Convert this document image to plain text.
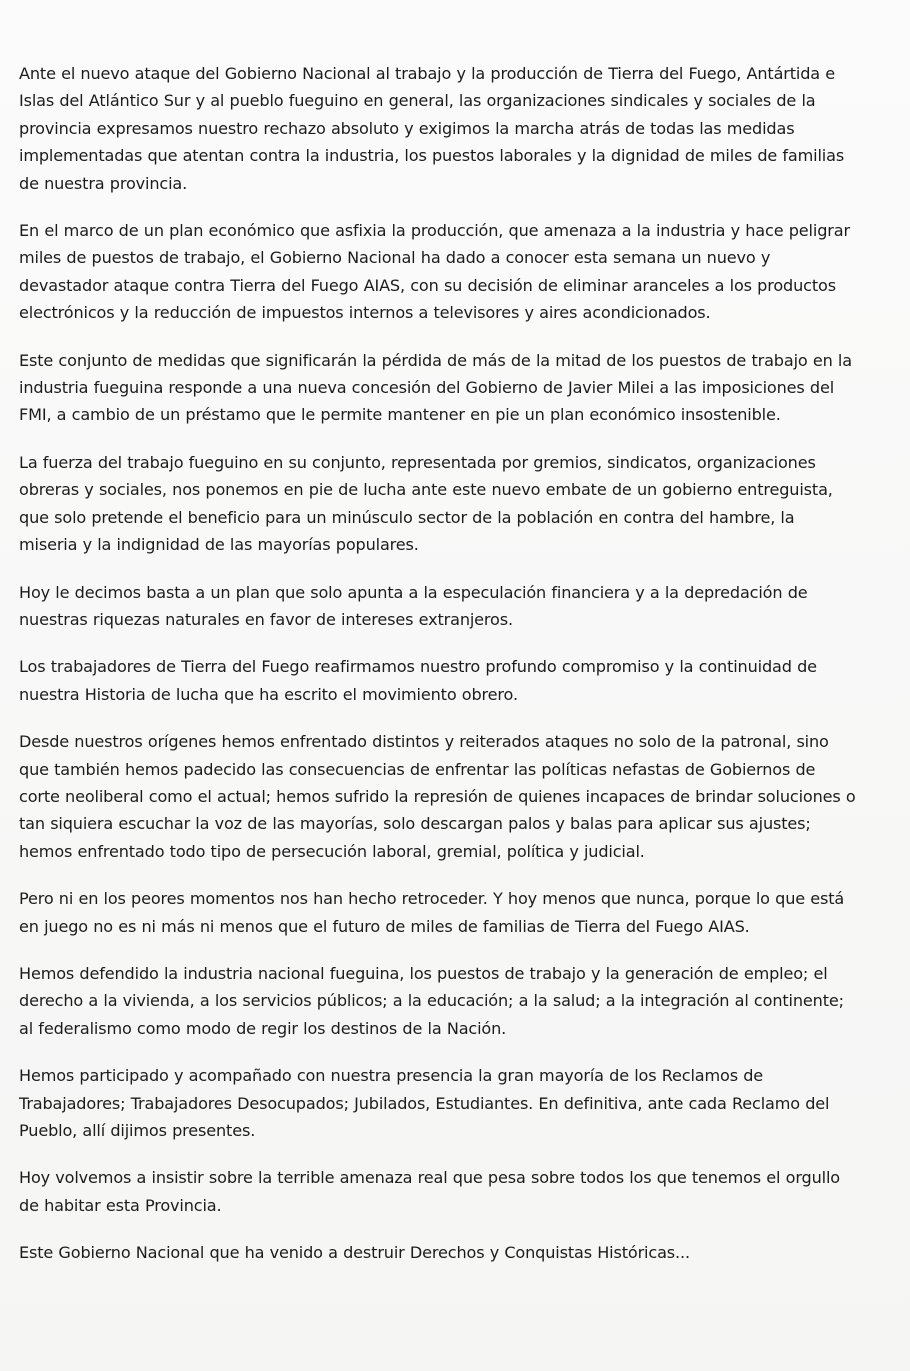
Ante el nuevo ataque del Gobierno Nacional al trabajo y la producción de Tierra del Fuego, Antártida e Islas del Atlántico Sur y al pueblo fueguino en general, las organizaciones sindicales y sociales de la provincia expresamos nuestro rechazo absoluto y exigimos la marcha atrás de todas las medidas implementadas que atentan contra la industria, los puestos laborales y la dignidad de miles de familias de nuestra provincia.

En el marco de un plan económico que asfixia la producción, que amenaza a la industria y hace peligrar miles de puestos de trabajo, el Gobierno Nacional ha dado a conocer esta semana un nuevo y devastador ataque contra Tierra del Fuego AIAS, con su decisión de eliminar aranceles a los productos electrónicos y la reducción de impuestos internos a televisores y aires acondicionados.

Este conjunto de medidas que significarán la pérdida de más de la mitad de los puestos de trabajo en la industria fueguina responde a una nueva concesión del Gobierno de Javier Milei a las imposiciones del FMI, a cambio de un préstamo que le permite mantener en pie un plan económico insostenible.

La fuerza del trabajo fueguino en su conjunto, representada por gremios, sindicatos, organizaciones obreras y sociales, nos ponemos en pie de lucha ante este nuevo embate de un gobierno entreguista, que solo pretende el beneficio para un minúsculo sector de la población en contra del hambre, la miseria y la indignidad de las mayorías populares.

Hoy le decimos basta a un plan que solo apunta a la especulación financiera y a la depredación de nuestras riquezas naturales en favor de intereses extranjeros.

Los trabajadores de Tierra del Fuego reafirmamos nuestro profundo compromiso y la continuidad de nuestra Historia de lucha que ha escrito el movimiento obrero.

Desde nuestros orígenes hemos enfrentado distintos y reiterados ataques no solo de la patronal, sino que también hemos padecido las consecuencias de enfrentar las políticas nefastas de Gobiernos de corte neoliberal como el actual; hemos sufrido la represión de quienes incapaces de brindar soluciones o tan siquiera escuchar la voz de las mayorías, solo descargan palos y balas para aplicar sus ajustes; hemos enfrentado todo tipo de persecución laboral, gremial, política y judicial.

Pero ni en los peores momentos nos han hecho retroceder. Y hoy menos que nunca, porque lo que está en juego no es ni más ni menos que el futuro de miles de familias de Tierra del Fuego AIAS.

Hemos defendido la industria nacional fueguina, los puestos de trabajo y la generación de empleo; el derecho a la vivienda, a los servicios públicos; a la educación; a la salud; a la integración al continente; al federalismo como modo de regir los destinos de la Nación.

Hemos participado y acompañado con nuestra presencia la gran mayoría de los Reclamos de Trabajadores; Trabajadores Desocupados; Jubilados, Estudiantes. En definitiva, ante cada Reclamo del Pueblo, allí dijimos presentes.

Hoy volvemos a insistir sobre la terrible amenaza real que pesa sobre todos los que tenemos el orgullo de habitar esta Provincia.

Este Gobierno Nacional que ha venido a destruir Derechos y Conquistas Históricas...
